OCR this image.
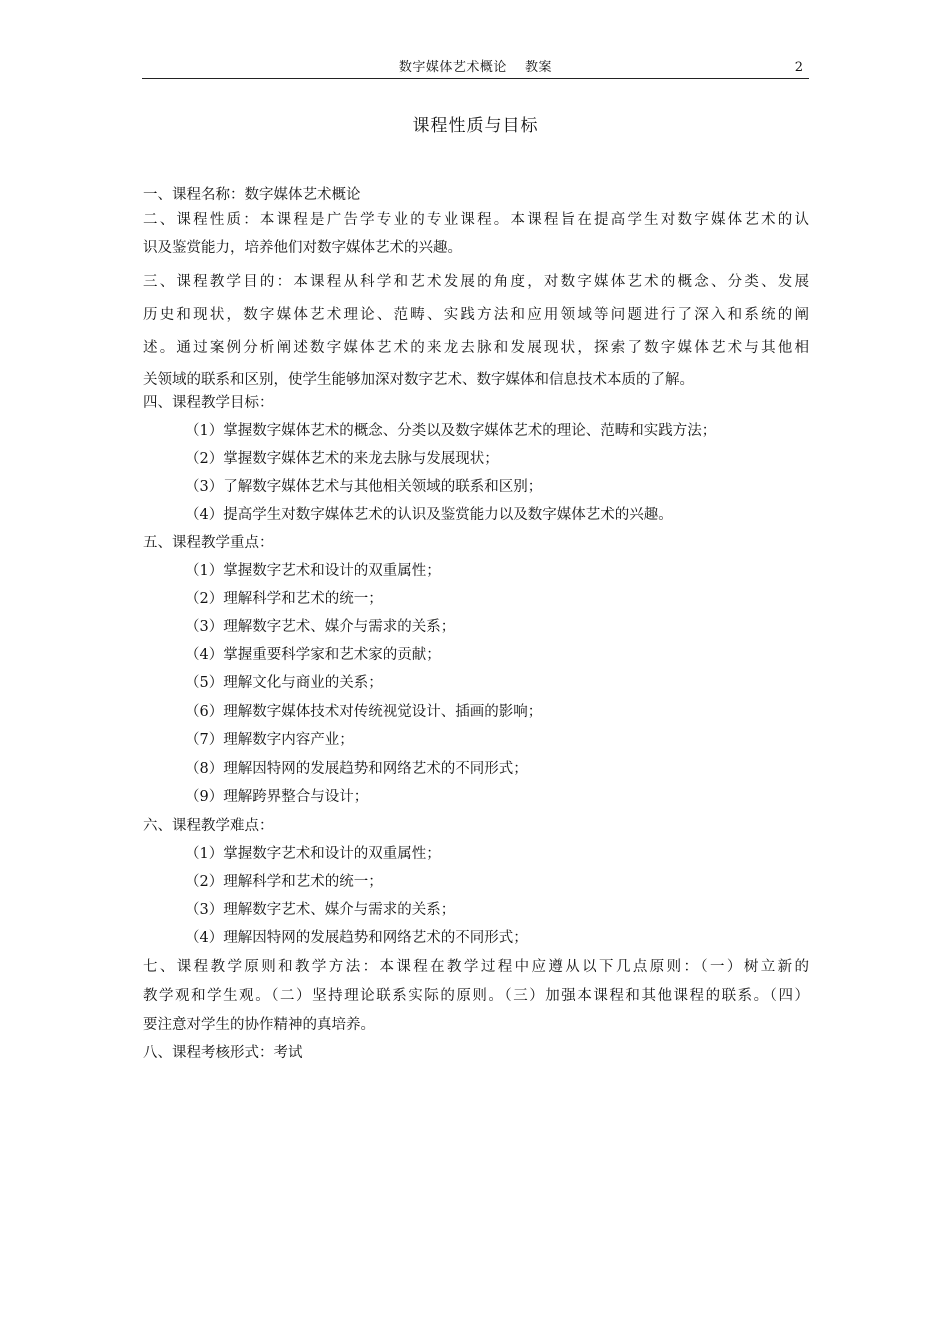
数字媒体艺术概论　 教案	2
课程性质与目标
一、课程名称：数字媒体艺术概论
二、课程性质：本课程是广告学专业的专业课程。本课程旨在提高学生对数字媒体艺术的认
识及鉴赏能力，培养他们对数字媒体艺术的兴趣。
三、课程教学目的：本课程从科学和艺术发展的角度，对数字媒体艺术的概念、分类、发展
历史和现状，数字媒体艺术理论、范畴、实践方法和应用领域等问题进行了深入和系统的阐
述。通过案例分析阐述数字媒体艺术的来龙去脉和发展现状，探索了数字媒体艺术与其他相
关领域的联系和区别，使学生能够加深对数字艺术、数字媒体和信息技术本质的了解。
四、课程教学目标：
（1）掌握数字媒体艺术的概念、分类以及数字媒体艺术的理论、范畴和实践方法；
（2）掌握数字媒体艺术的来龙去脉与发展现状；
（3）了解数字媒体艺术与其他相关领域的联系和区别；
（4）提高学生对数字媒体艺术的认识及鉴赏能力以及数字媒体艺术的兴趣。
五、课程教学重点：
（1）掌握数字艺术和设计的双重属性；
（2）理解科学和艺术的统一；
（3）理解数字艺术、媒介与需求的关系；
（4）掌握重要科学家和艺术家的贡献；
（5）理解文化与商业的关系；
（6）理解数字媒体技术对传统视觉设计、插画的影响；
（7）理解数字内容产业；
（8）理解因特网的发展趋势和网络艺术的不同形式；
（9）理解跨界整合与设计；
六、课程教学难点：
（1）掌握数字艺术和设计的双重属性；
（2）理解科学和艺术的统一；
（3）理解数字艺术、媒介与需求的关系；
（4）理解因特网的发展趋势和网络艺术的不同形式；
七、课程教学原则和教学方法：本课程在教学过程中应遵从以下几点原则：（一）树立新的
教学观和学生观。（二）坚持理论联系实际的原则。（三）加强本课程和其他课程的联系。（四）
要注意对学生的协作精神的真培养。
八、课程考核形式：考试
